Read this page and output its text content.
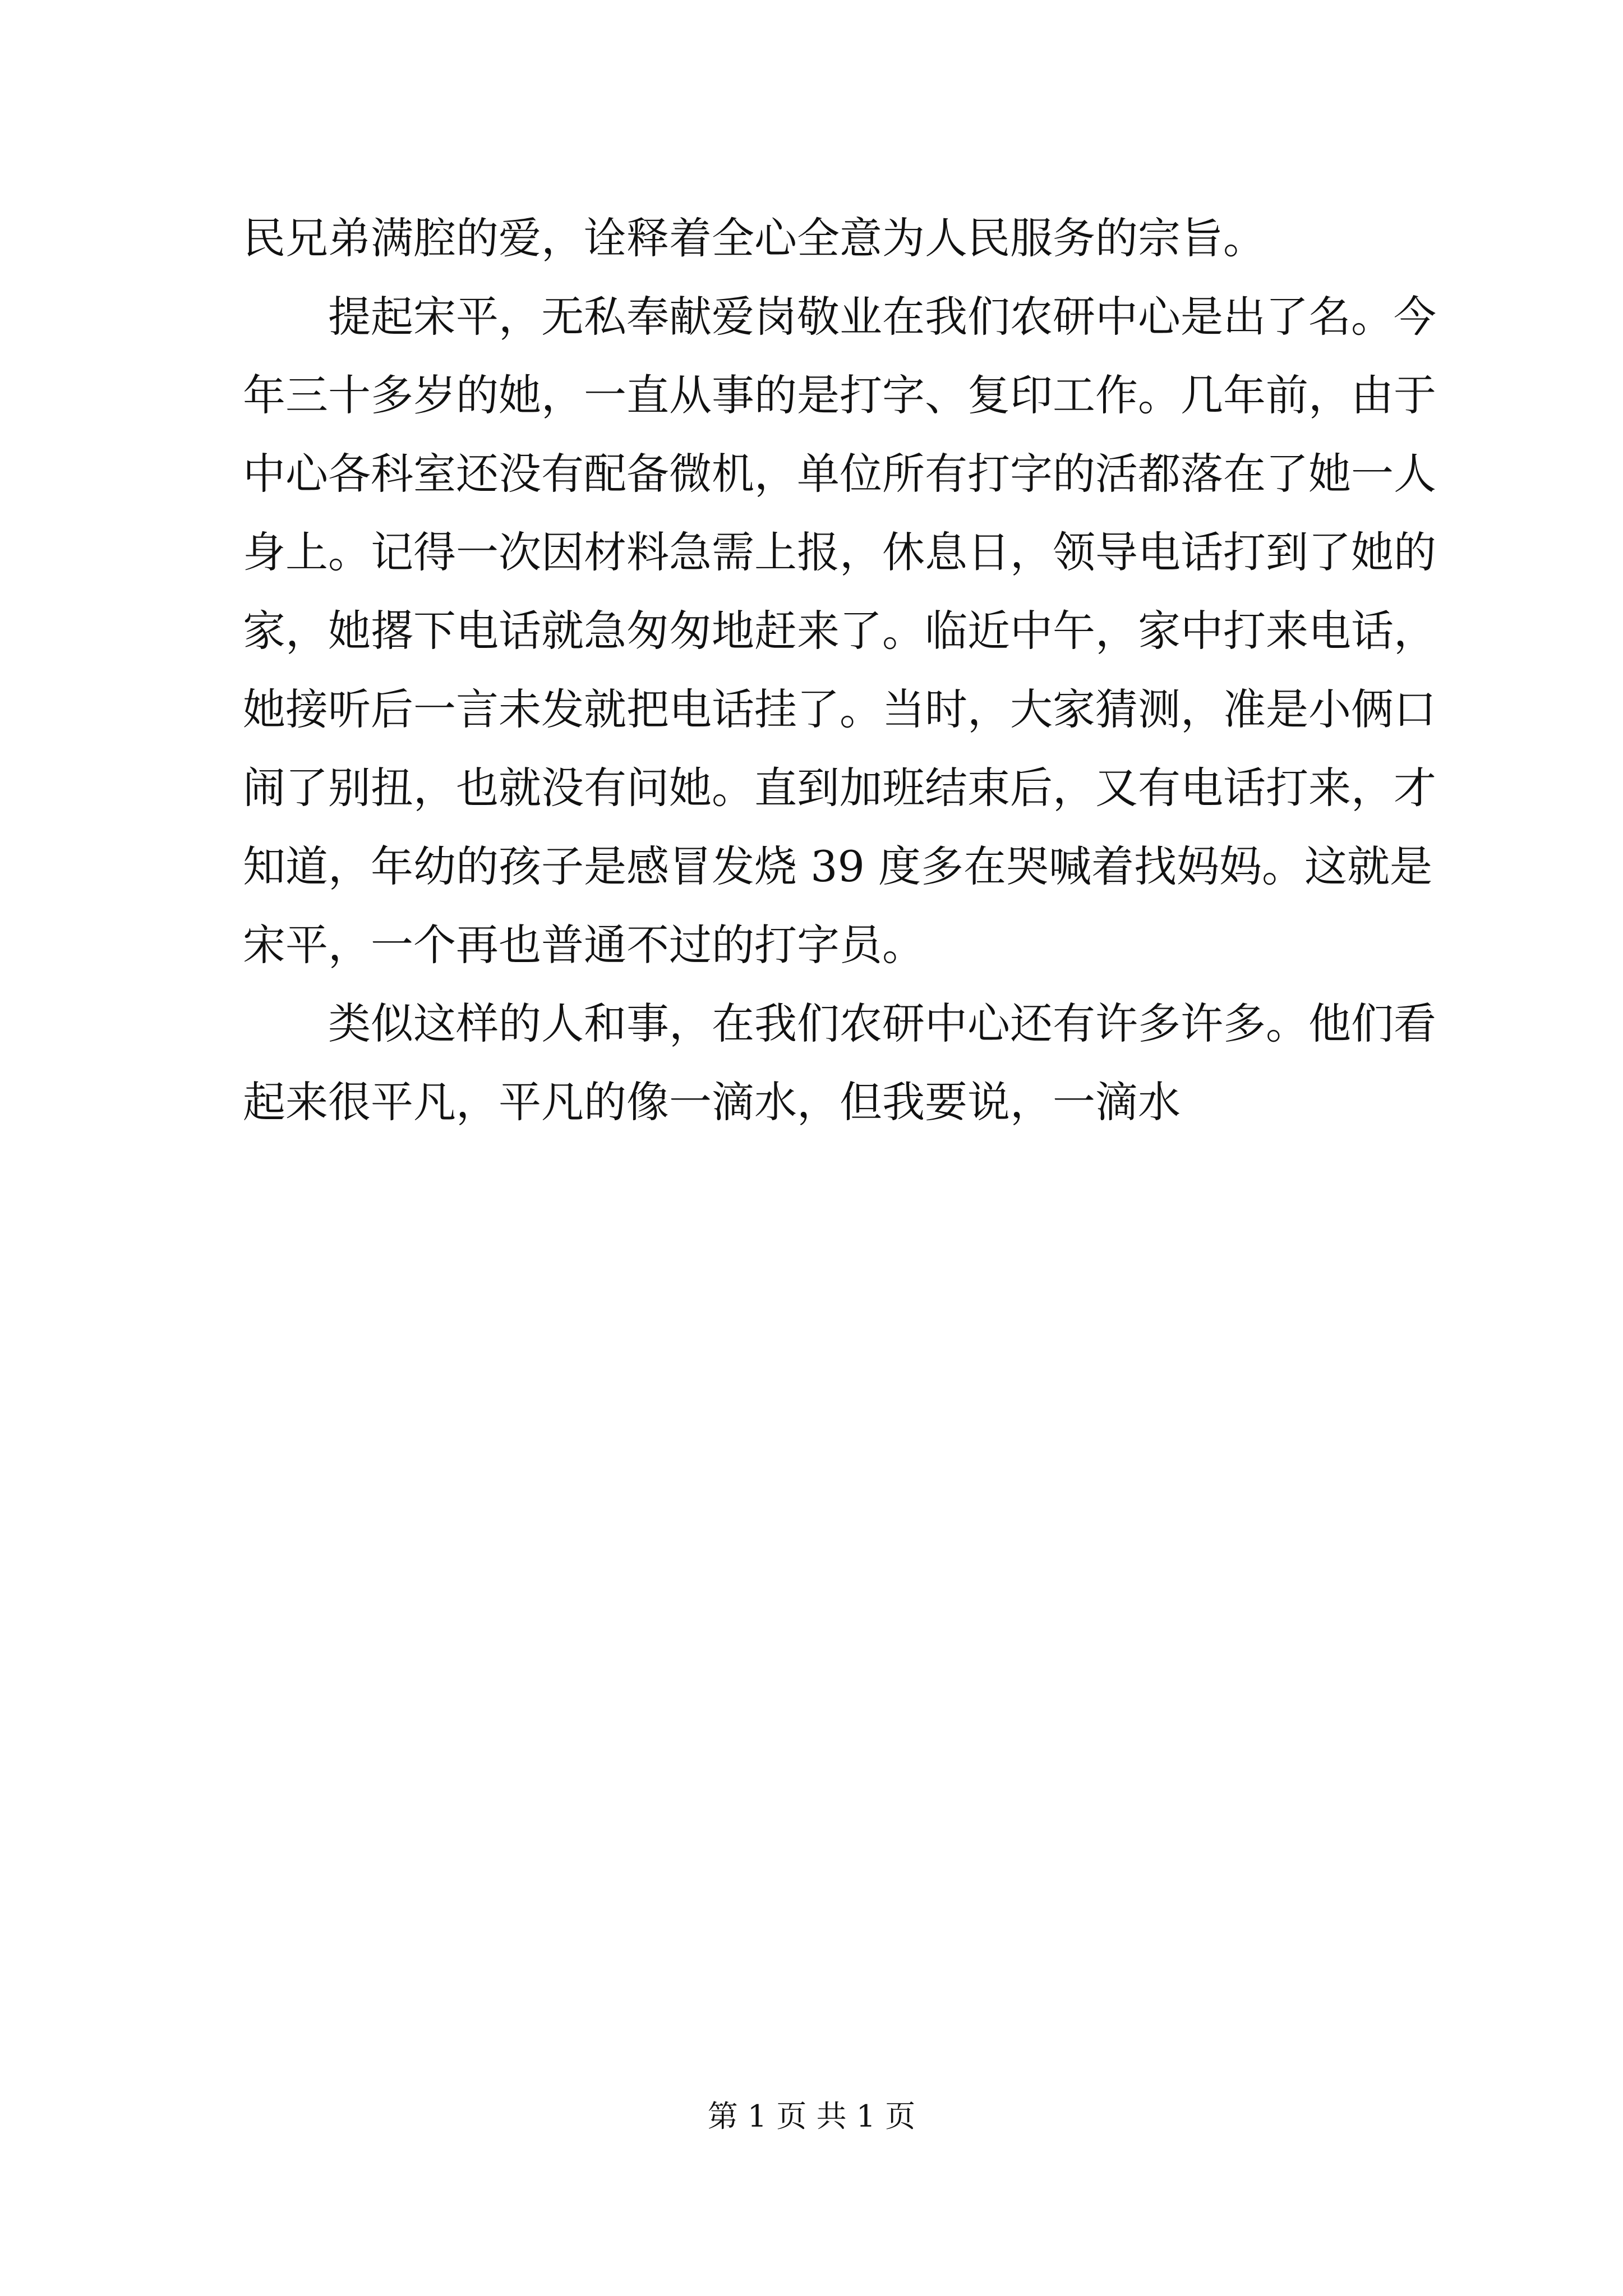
民兄弟满腔的爱，诠释着全心全意为人民服务的宗旨。
提起宋平，无私奉献爱岗敬业在我们农研中心是出了名。今
年三十多岁的她，一直从事的是打字、复印工作。几年前，由于
中心各科室还没有配备微机，单位所有打字的活都落在了她一人
身上。记得一次因材料急需上报，休息日，领导电话打到了她的
家，她撂下电话就急匆匆地赶来了。临近中午，家中打来电话，
她接听后一言未发就把电话挂了。当时，大家猜测，准是小俩口
闹了别扭，也就没有问她。直到加班结束后，又有电话打来，才
知道，年幼的孩子是感冒发烧 39 度多在哭喊着找妈妈。这就是
宋平，一个再也普通不过的打字员。
类似这样的人和事，在我们农研中心还有许多许多。他们看
起来很平凡，平凡的像一滴水，但我要说，一滴水
第 1 页 共 1 页
